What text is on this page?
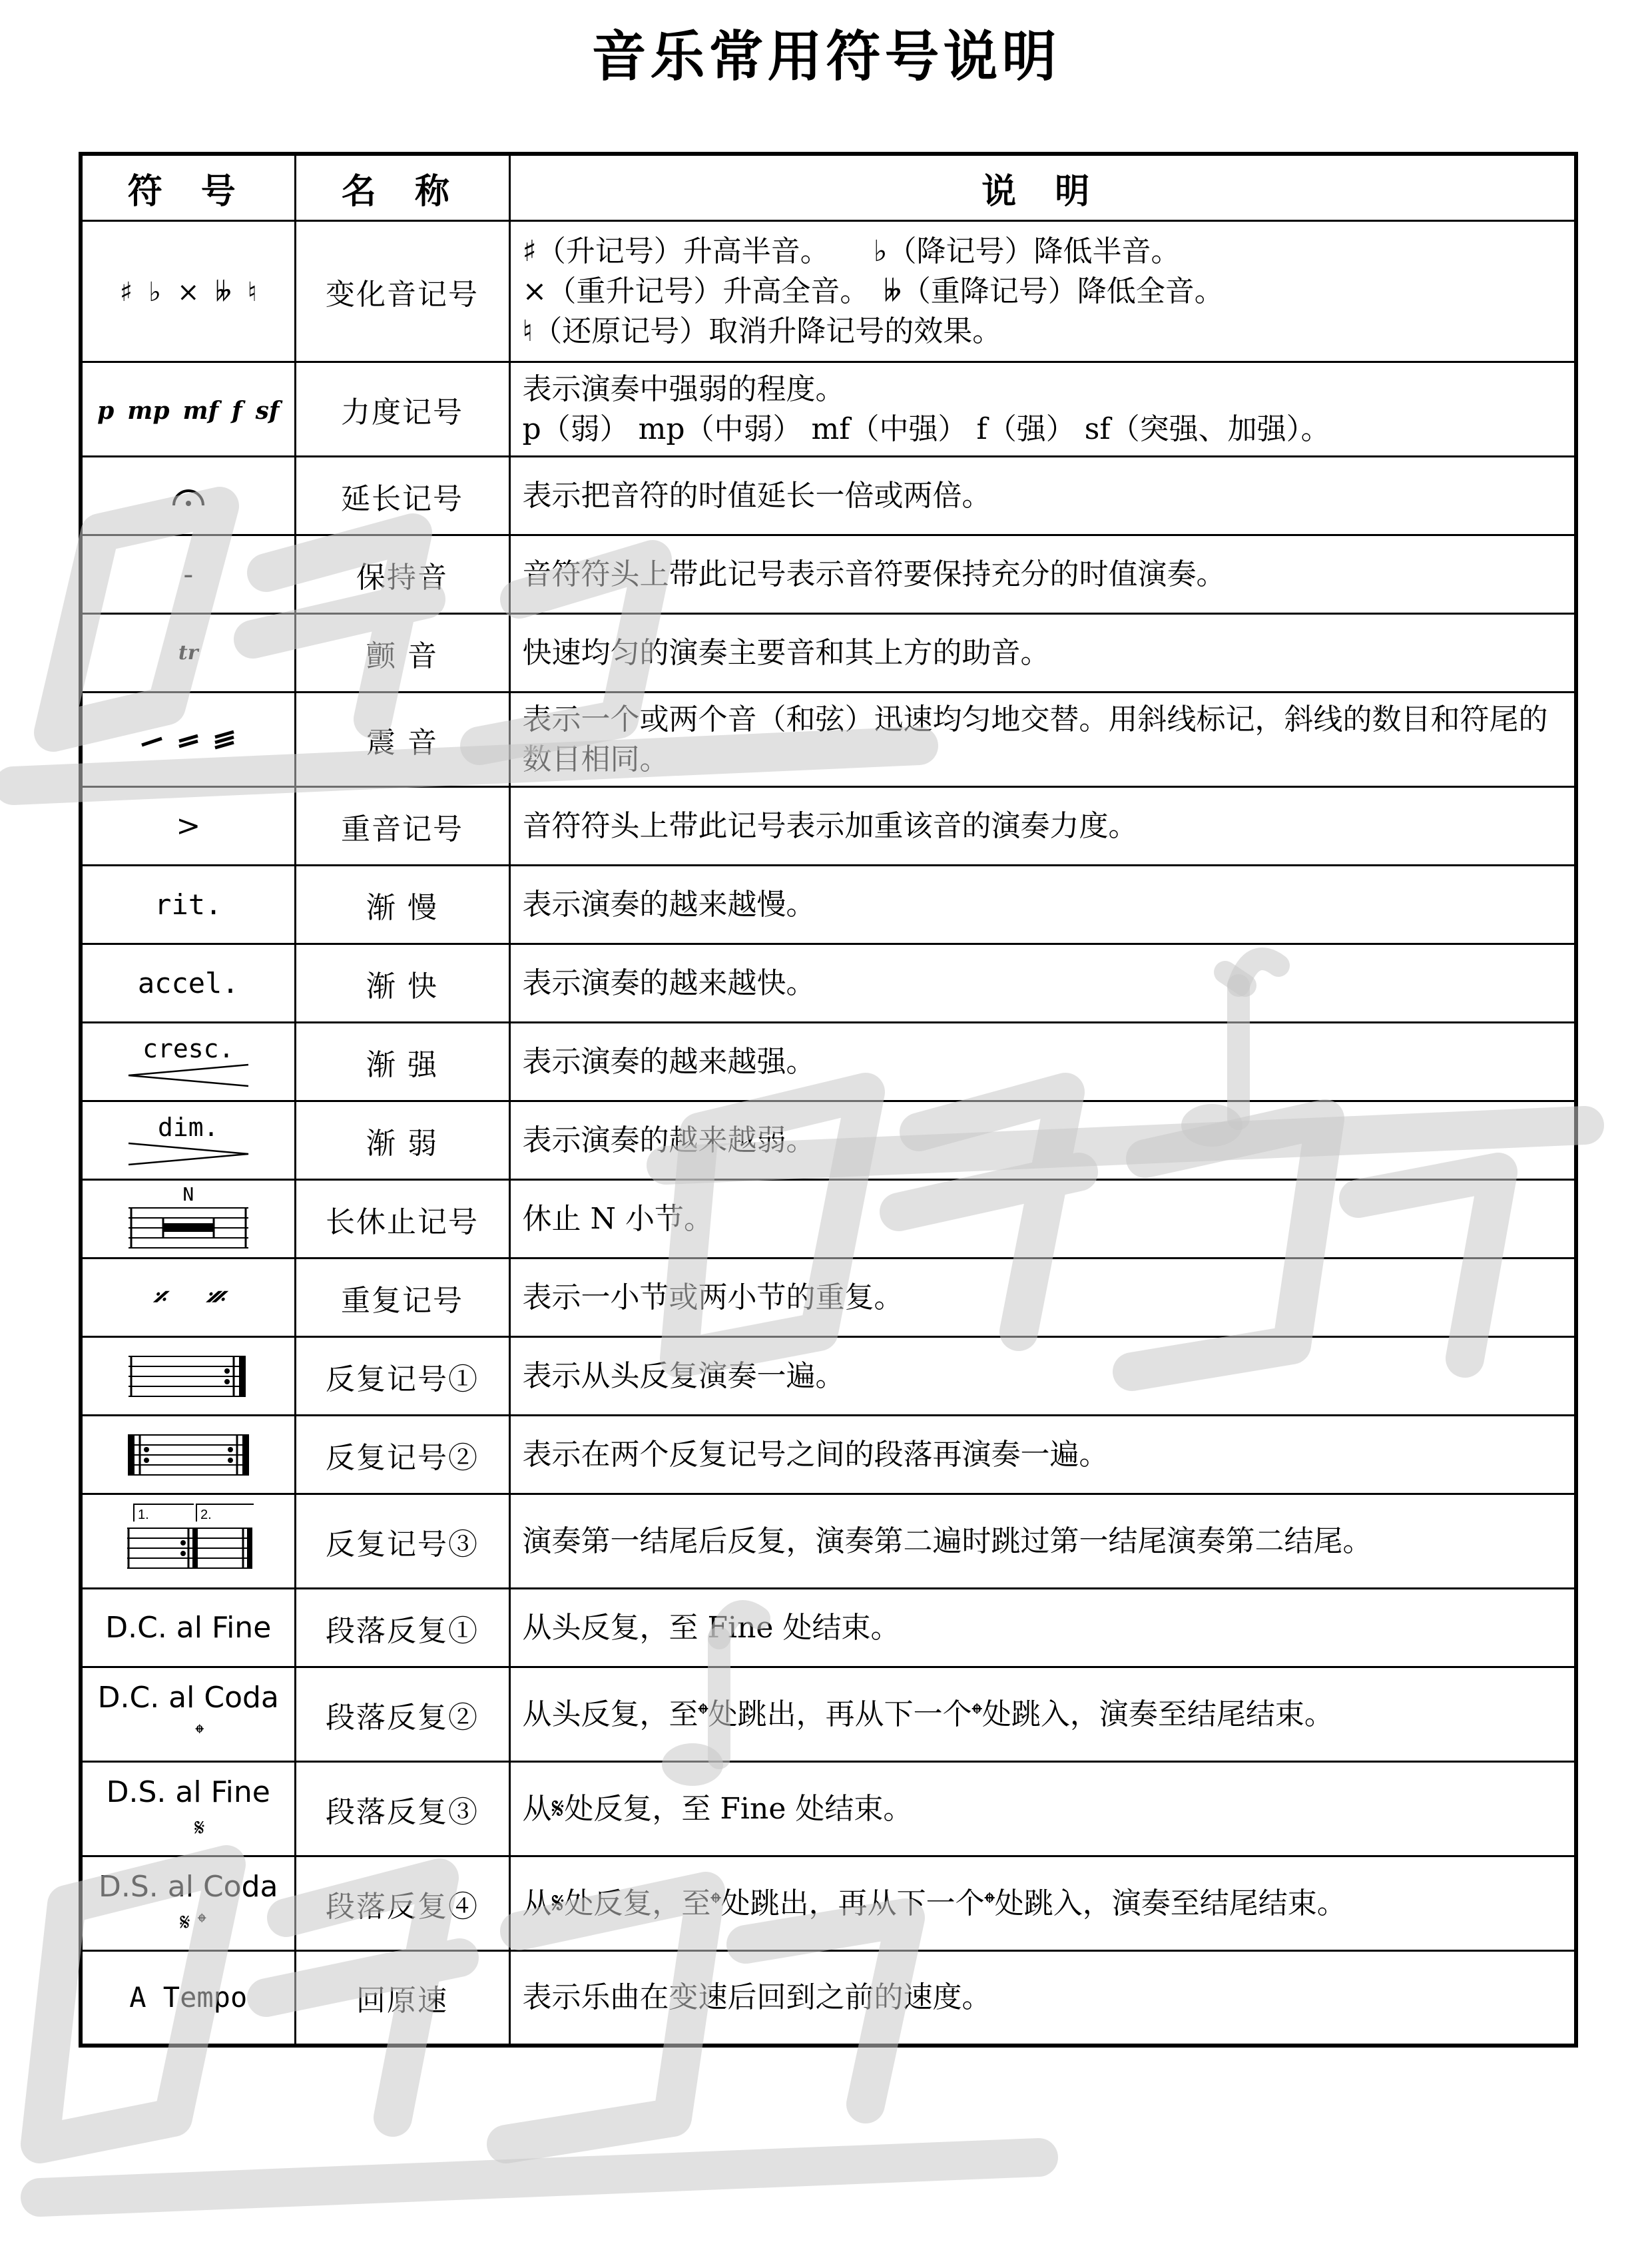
音乐常用符号说明
符 号	名 称	说 明
♯ ♭ × 𝄫 ♮	变化音记号	♯（升记号）升高半音。　　♭（降记号）降低半音。
×（重升记号）升高全音。　𝄫（重降记号）降低全音。
♮（还原记号）取消升降记号的效果。

p mp mf f sf	力度记号	表示演奏中强弱的程度。
p（弱） mp（中弱） mf（中强） f（强） sf（突强、加强）。

	延长记号	表示把音符的时值延长一倍或两倍。
-	保持音	音符符头上带此记号表示音符要保持充分的时值演奏。
tr	颤 音	快速均匀的演奏主要音和其上方的助音。

	震 音	表示一个或两个音（和弦）迅速均匀地交替。用斜线标记，斜线的数目和符尾的数目相同。

>	重音记号	音符符头上带此记号表示加重该音的演奏力度。
rit.	渐 慢	表示演奏的越来越慢。
accel.	渐 快	表示演奏的越来越快。

cresc.	渐 强	表示演奏的越来越强。

dim.	渐 弱	表示演奏的越来越弱。

N	长休止记号	休止 N 小节。
𝄎 𝄏	重复记号	表示一小节或两小节的重复。

	反复记号①	表示从头反复演奏一遍。

	反复记号②	表示在两个反复记号之间的段落再演奏一遍。

1. 2.	反复记号③	演奏第一结尾后反复，演奏第二遍时跳过第一结尾演奏第二结尾。
D.C. al Fine	段落反复①	从头反复，至 Fine 处结束。
D.C. al Coda 𝄌	段落反复②	从头反复，至𝄌处跳出，再从下一个𝄌处跳入，演奏至结尾结束。
D.S. al Fine 𝄋	段落反复③	从𝄋处反复，至 Fine 处结束。
D.S. al Coda 𝄋 𝄌	段落反复④	从𝄋处反复，至𝄌处跳出，再从下一个𝄌处跳入，演奏至结尾结束。
A Tempo	回原速	表示乐曲在变速后回到之前的速度。
